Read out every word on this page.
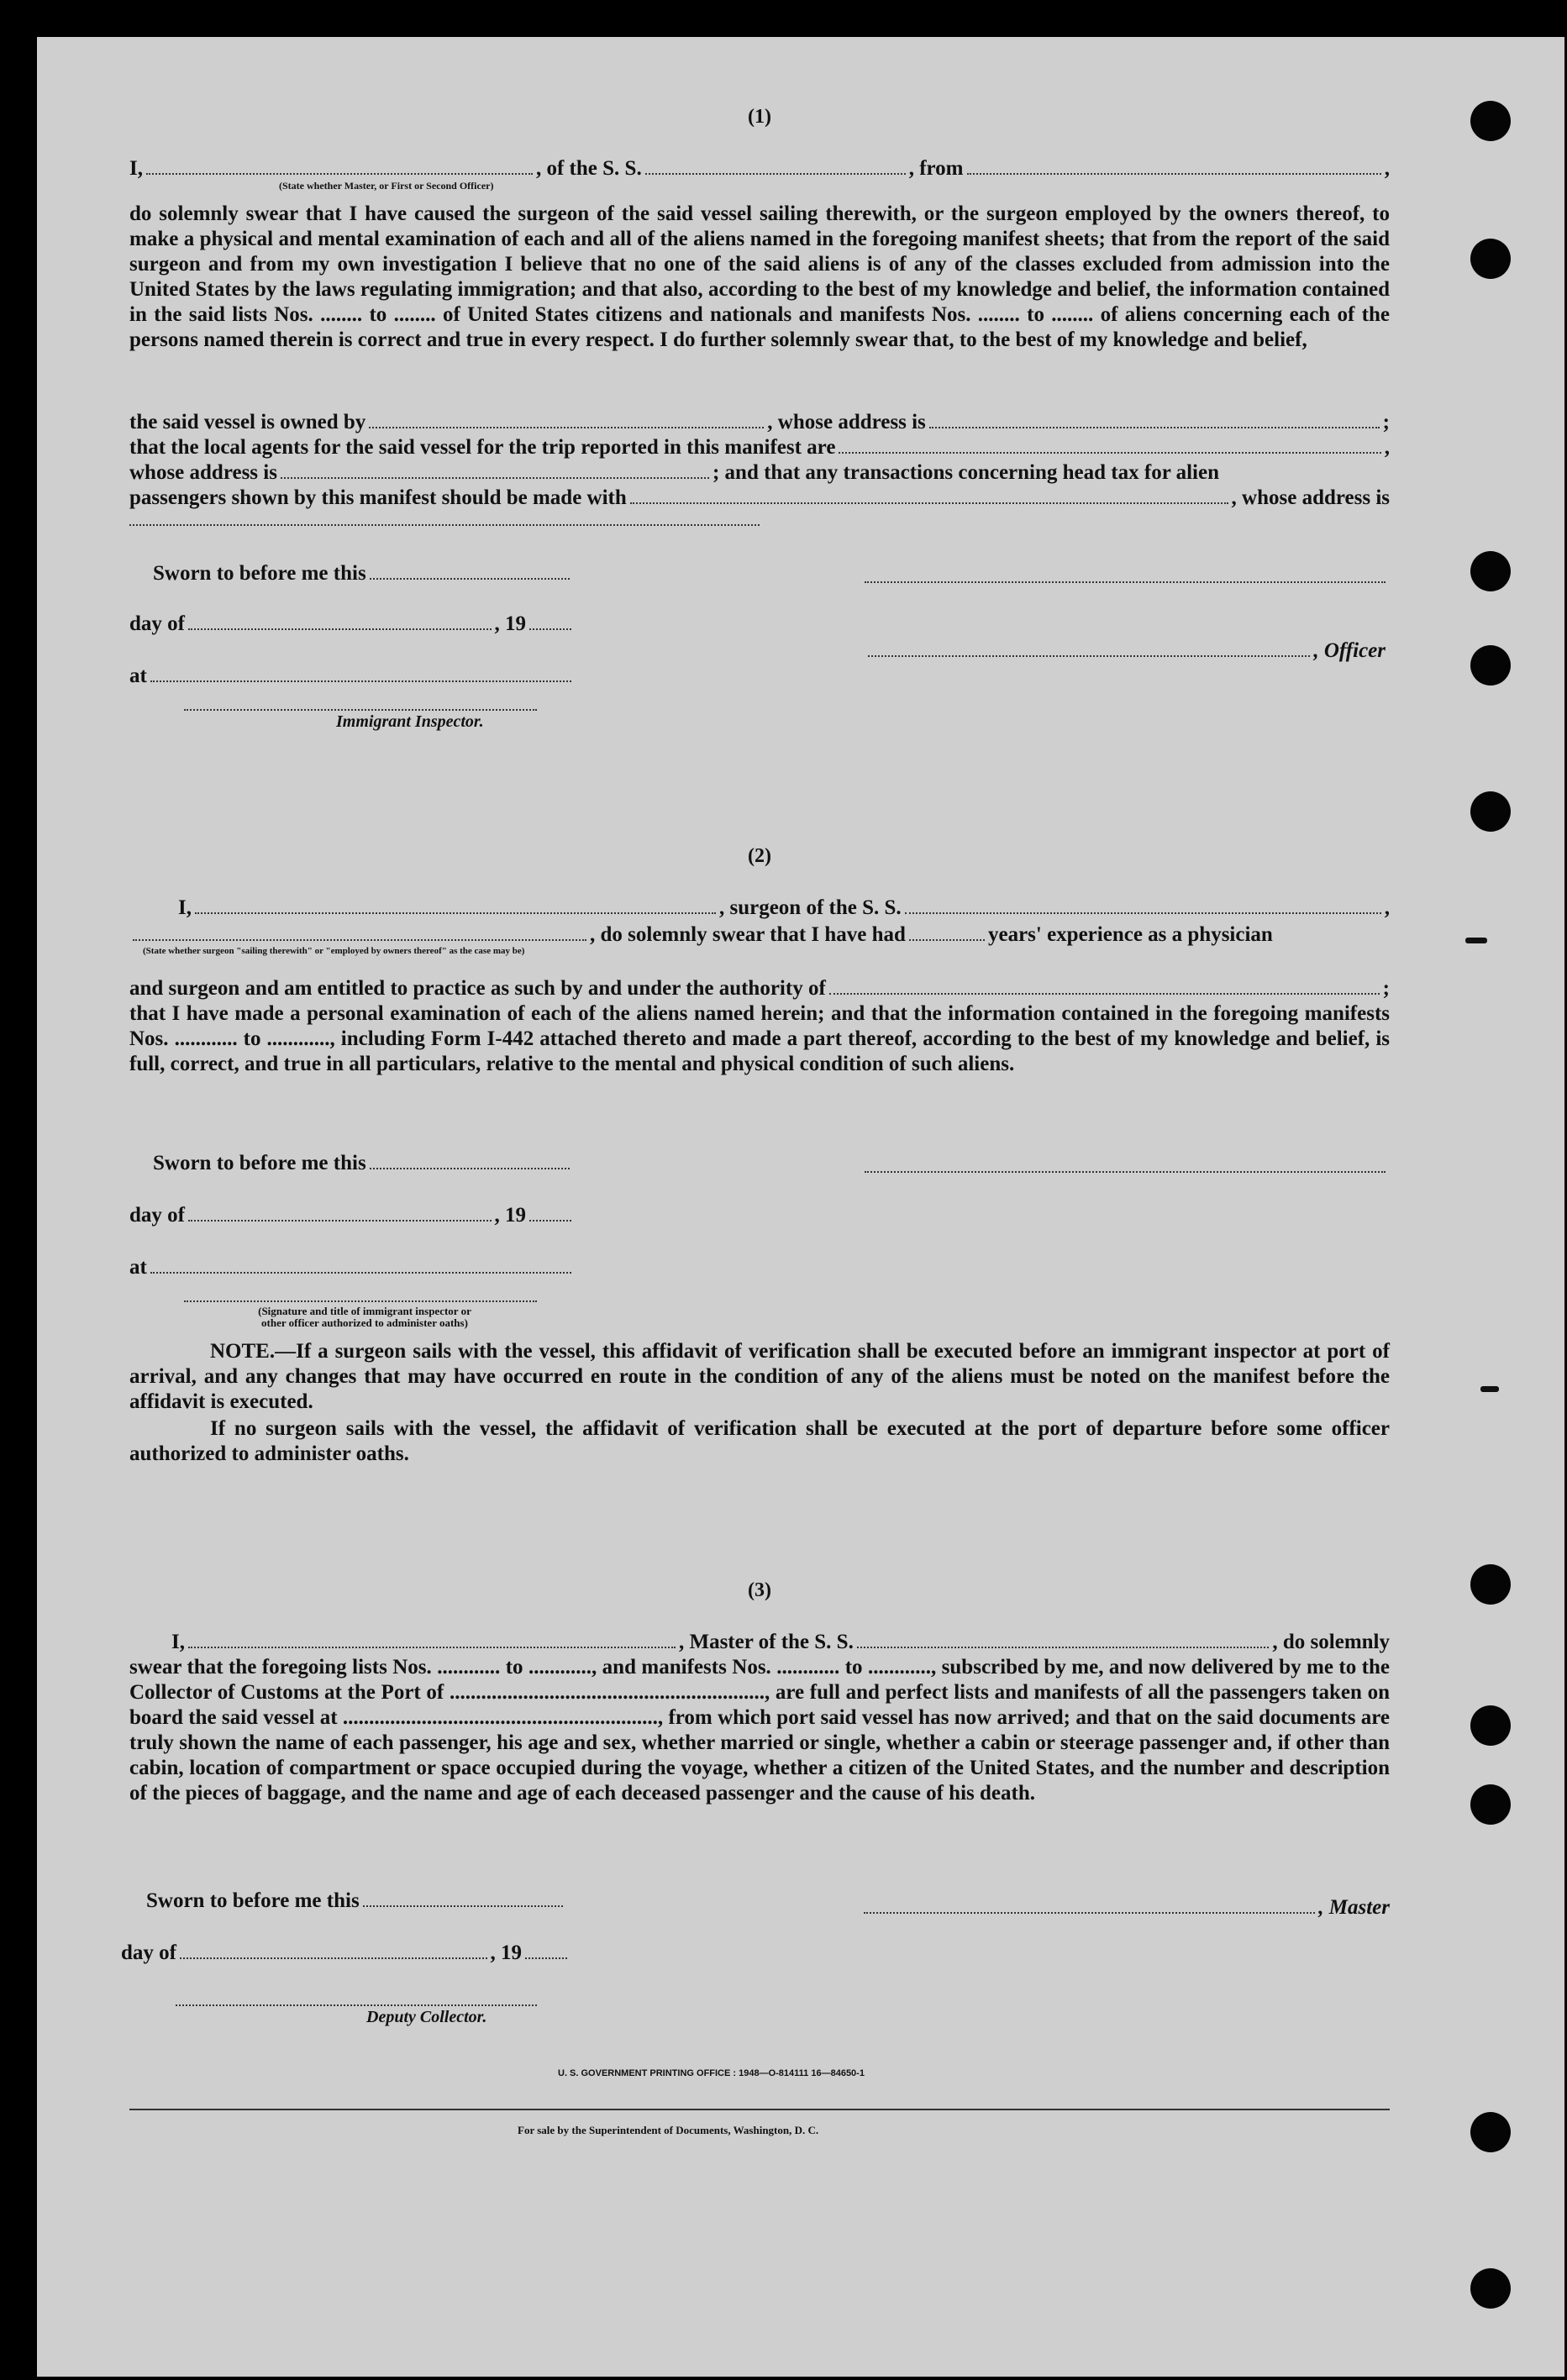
(1)
I,	, of the S. S.	, from	,
(State whether Master, or First or Second Officer)
do solemnly swear that I have caused the surgeon of the said vessel sailing therewith, or the surgeon employed by the owners thereof, to make a physical and mental examination of each and all of the aliens named in the foregoing manifest sheets; that from the report of the said surgeon and from my own investigation I believe that no one of the said aliens is of any of the classes excluded from admission into the United States by the laws regulating immigration; and that also, according to the best of my knowledge and belief, the information contained in the said lists Nos. ........ to ........ of United States citizens and nationals and manifests Nos. ........ to ........ of aliens concerning each of the persons named therein is correct and true in every respect. I do further solemnly swear that, to the best of my knowledge and belief,
the said vessel is owned by	, whose address is	;
that the local agents for the said vessel for the trip reported in this manifest are	,
whose address is	; and that any transactions concerning head tax for alien
passengers shown by this manifest should be made with	, whose address is
Sworn to before me this
day of	, 19
, Officer
at
Immigrant Inspector.
(2)
I,	, surgeon of the S. S.	,
, do solemnly swear that I have had	years' experience as a physician
(State whether surgeon "sailing therewith" or "employed by owners thereof" as the case may be)
and surgeon and am entitled to practice as such by and under the authority of	;
that I have made a personal examination of each of the aliens named herein; and that the information contained in the foregoing manifests Nos. ............ to ............, including Form I-442 attached thereto and made a part thereof, according to the best of my knowledge and belief, is full, correct, and true in all particulars, relative to the mental and physical condition of such aliens.
Sworn to before me this
day of	, 19
at
(Signature and title of immigrant inspector or
other officer authorized to administer oaths)
NOTE.—If a surgeon sails with the vessel, this affidavit of verification shall be executed before an immigrant inspector at port of arrival, and any changes that may have occurred en route in the condition of any of the aliens must be noted on the manifest before the affidavit is executed.
If no surgeon sails with the vessel, the affidavit of verification shall be executed at the port of departure before some officer authorized to administer oaths.
(3)
I,	, Master of the S. S.	, do solemnly
swear that the foregoing lists Nos. ............ to ............, and manifests Nos. ............ to ............, subscribed by me, and now delivered by me to the Collector of Customs at the Port of ............................................................, are full and perfect lists and manifests of all the passengers taken on board the said vessel at ............................................................, from which port said vessel has now arrived; and that on the said documents are truly shown the name of each passenger, his age and sex, whether married or single, whether a cabin or steerage passenger and, if other than cabin, location of compartment or space occupied during the voyage, whether a citizen of the United States, and the number and description of the pieces of baggage, and the name and age of each deceased passenger and the cause of his death.
Sworn to before me this	, Master
day of	, 19
Deputy Collector.
U. S. GOVERNMENT PRINTING OFFICE : 1948—O-814111 16—84650-1
For sale by the Superintendent of Documents, Washington, D. C.
